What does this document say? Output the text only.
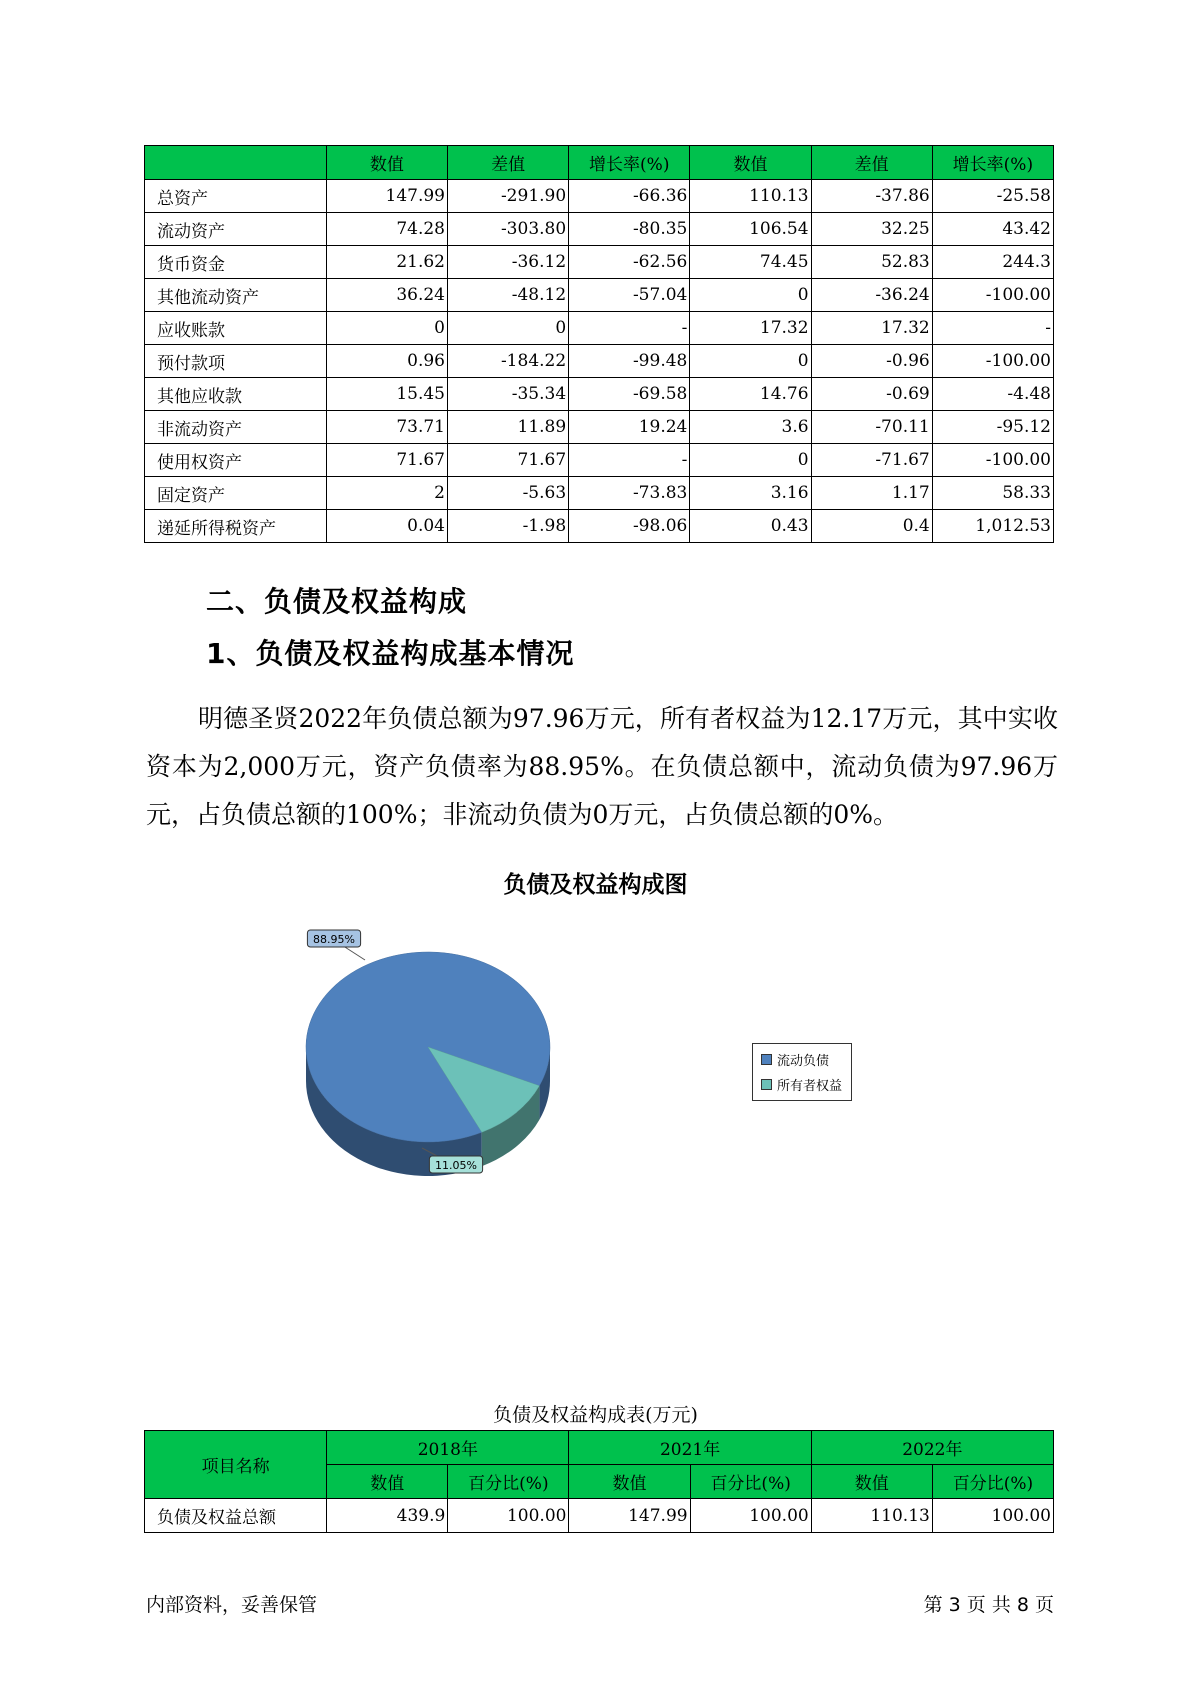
	数值	差值	增长率(%)	数值	差值	增长率(%)
总资产	147.99	-291.90	-66.36	110.13	-37.86	-25.58
流动资产	74.28	-303.80	-80.35	106.54	32.25	43.42
货币资金	21.62	-36.12	-62.56	74.45	52.83	244.3
其他流动资产	36.24	-48.12	-57.04	0	-36.24	-100.00
应收账款	0	0	-	17.32	17.32	-
预付款项	0.96	-184.22	-99.48	0	-0.96	-100.00
其他应收款	15.45	-35.34	-69.58	14.76	-0.69	-4.48
非流动资产	73.71	11.89	19.24	3.6	-70.11	-95.12
使用权资产	71.67	71.67	-	0	-71.67	-100.00
固定资产	2	-5.63	-73.83	3.16	1.17	58.33
递延所得税资产	0.04	-1.98	-98.06	0.43	0.4	1,012.53
二、负债及权益构成
1、负债及权益构成基本情况

明德圣贤2022年负债总额为97.96万元，所有者权益为12.17万元，其中实收资本为2,000万元，资产负债率为88.95%。在负债总额中，流动负债为97.96万元，占负债总额的100%；非流动负债为0万元，占负债总额的0%。

负债及权益构成图
88.95%
11.05%
流动负债
所有者权益
负债及权益构成表(万元)
项目名称	2018年		2021年		2022年	
	数值	百分比(%)	数值	百分比(%)	数值	百分比(%)
负债及权益总额	439.9	100.00	147.99	100.00	110.13	100.00
内部资料，妥善保管	第 3 页 共 8 页
